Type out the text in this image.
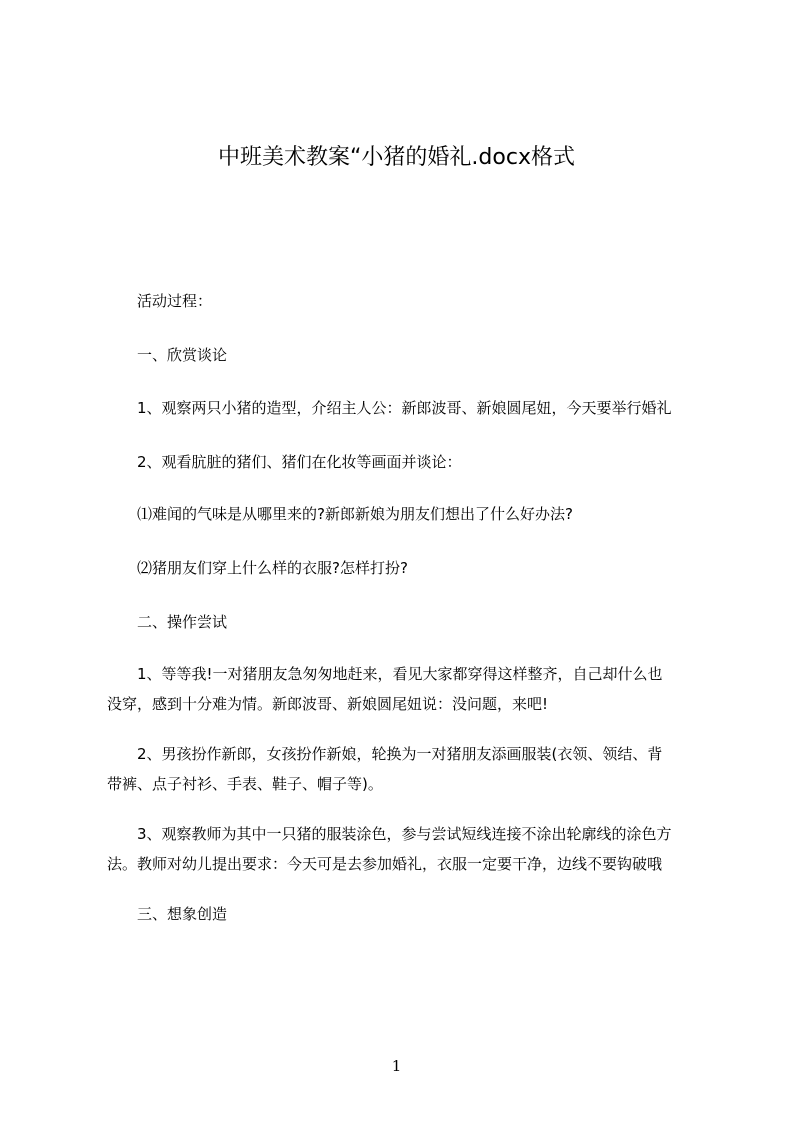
中班美术教案“小猪的婚礼.docx格式
活动过程：
一、欣赏谈论
1、观察两只小猪的造型，介绍主人公：新郎波哥、新娘圆尾妞，今天要举行婚礼
2、观看肮脏的猪们、猪们在化妆等画面并谈论：
⑴难闻的气味是从哪里来的?新郎新娘为朋友们想出了什么好办法?
⑵猪朋友们穿上什么样的衣服?怎样打扮?
二、操作尝试
1、等等我!一对猪朋友急匆匆地赶来，看见大家都穿得这样整齐，自己却什么也
没穿，感到十分难为情。新郎波哥、新娘圆尾妞说：没问题，来吧!
2、男孩扮作新郎，女孩扮作新娘，轮换为一对猪朋友添画服装(衣领、领结、背
带裤、点子衬衫、手表、鞋子、帽子等)。
3、观察教师为其中一只猪的服装涂色，参与尝试短线连接不涂出轮廓线的涂色方
法。教师对幼儿提出要求：今天可是去参加婚礼，衣服一定要干净，边线不要钩破哦
三、想象创造
1
